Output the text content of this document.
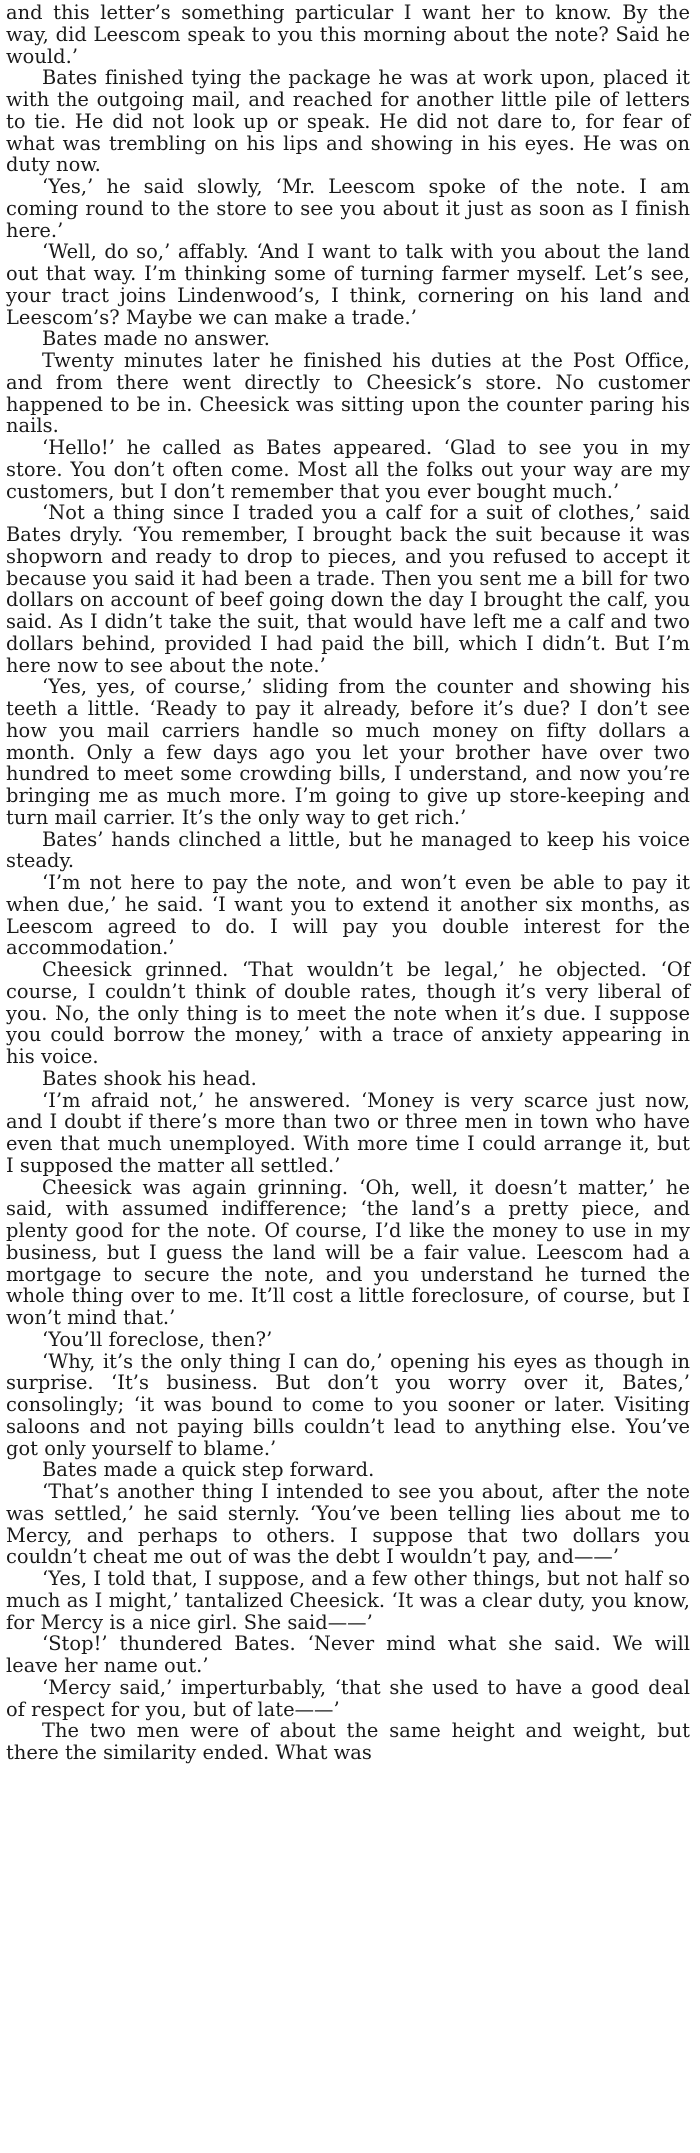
and this letter’s something particular I want her to know. By the way, did Leescom speak to you this morning about the note? Said he would.’

Bates finished tying the package he was at work upon, placed it with the outgoing mail, and reached for another little pile of letters to tie. He did not look up or speak. He did not dare to, for fear of what was trembling on his lips and showing in his eyes. He was on duty now.

‘Yes,’ he said slowly, ‘Mr. Leescom spoke of the note. I am coming round to the store to see you about it just as soon as I finish here.’

‘Well, do so,’ affably. ‘And I want to talk with you about the land out that way. I’m thinking some of turning farmer myself. Let’s see, your tract joins Lindenwood’s, I think, cornering on his land and Leescom’s? Maybe we can make a trade.’

Bates made no answer.

Twenty minutes later he finished his duties at the Post Office, and from there went directly to Cheesick’s store. No customer happened to be in. Cheesick was sitting upon the counter paring his nails.

‘Hello!’ he called as Bates appeared. ‘Glad to see you in my store. You don’t often come. Most all the folks out your way are my customers, but I don’t remember that you ever bought much.’

‘Not a thing since I traded you a calf for a suit of clothes,’ said Bates dryly. ‘You remember, I brought back the suit because it was shopworn and ready to drop to pieces, and you refused to accept it because you said it had been a trade. Then you sent me a bill for two dollars on account of beef going down the day I brought the calf, you said. As I didn’t take the suit, that would have left me a calf and two dollars behind, provided I had paid the bill, which I didn’t. But I’m here now to see about the note.’

‘Yes, yes, of course,’ sliding from the counter and showing his teeth a little. ‘Ready to pay it already, before it’s due? I don’t see how you mail carriers handle so much money on fifty dollars a month. Only a few days ago you let your brother have over two hundred to meet some crowding bills, I understand, and now you’re bringing me as much more. I’m going to give up store-keeping and turn mail carrier. It’s the only way to get rich.’

Bates’ hands clinched a little, but he managed to keep his voice steady.

‘I’m not here to pay the note, and won’t even be able to pay it when due,’ he said. ‘I want you to extend it another six months, as Leescom agreed to do. I will pay you double interest for the accommodation.’

Cheesick grinned. ‘That wouldn’t be legal,’ he objected. ‘Of course, I couldn’t think of double rates, though it’s very liberal of you. No, the only thing is to meet the note when it’s due. I suppose you could borrow the money,’ with a trace of anxiety appearing in his voice.

Bates shook his head.

‘I’m afraid not,’ he answered. ‘Money is very scarce just now, and I doubt if there’s more than two or three men in town who have even that much unemployed. With more time I could arrange it, but I supposed the matter all settled.’

Cheesick was again grinning. ‘Oh, well, it doesn’t matter,’ he said, with assumed indifference; ‘the land’s a pretty piece, and plenty good for the note. Of course, I’d like the money to use in my business, but I guess the land will be a fair value. Leescom had a mortgage to secure the note, and you understand he turned the whole thing over to me. It’ll cost a little foreclosure, of course, but I won’t mind that.’

‘You’ll foreclose, then?’

‘Why, it’s the only thing I can do,’ opening his eyes as though in surprise. ‘It’s business. But don’t you worry over it, Bates,’ consolingly; ‘it was bound to come to you sooner or later. Visiting saloons and not paying bills couldn’t lead to anything else. You’ve got only yourself to blame.’

Bates made a quick step forward.

‘That’s another thing I intended to see you about, after the note was settled,’ he said sternly. ‘You’ve been telling lies about me to Mercy, and perhaps to others. I suppose that two dollars you couldn’t cheat me out of was the debt I wouldn’t pay, and——’

‘Yes, I told that, I suppose, and a few other things, but not half so much as I might,’ tantalized Cheesick. ‘It was a clear duty, you know, for Mercy is a nice girl. She said——’

‘Stop!’ thundered Bates. ‘Never mind what she said. We will leave her name out.’

‘Mercy said,’ imperturbably, ‘that she used to have a good deal of respect for you, but of late——’

The two men were of about the same height and weight, but there the similarity ended. What was
